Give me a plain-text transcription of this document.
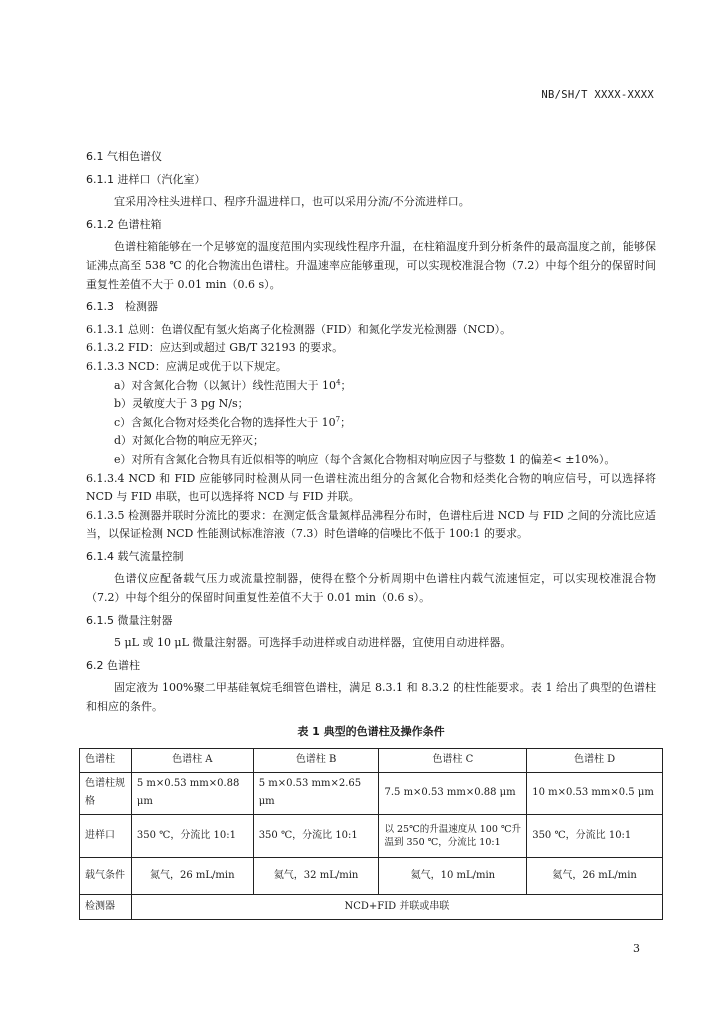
NB/SH/T XXXX-XXXX

6.1 气相色谱仪

6.1.1 进样口（汽化室）

宜采用冷柱头进样口、程序升温进样口，也可以采用分流/不分流进样口。

6.1.2 色谱柱箱

色谱柱箱能够在一个足够宽的温度范围内实现线性程序升温，在柱箱温度升到分析条件的最高温度之前，能够保证沸点高至 538 ℃ 的化合物流出色谱柱。升温速率应能够重现，可以实现校准混合物（7.2）中每个组分的保留时间重复性差值不大于 0.01 min（0.6 s）。

6.1.3　检测器

6.1.3.1 总则：色谱仪配有氢火焰离子化检测器（FID）和氮化学发光检测器（NCD）。

6.1.3.2 FID：应达到或超过 GB/T 32193 的要求。

6.1.3.3 NCD：应满足或优于以下规定。

a）对含氮化合物（以氮计）线性范围大于 $10^4$；

b）灵敏度大于 3 pg N/s；

c）含氮化合物对烃类化合物的选择性大于 $10^7$；

d）对氮化合物的响应无猝灭；

e）对所有含氮化合物具有近似相等的响应（每个含氮化合物相对响应因子与整数 1 的偏差< ±10%）。

6.1.3.4 NCD 和 FID 应能够同时检测从同一色谱柱流出组分的含氮化合物和烃类化合物的响应信号，可以选择将 NCD 与 FID 串联，也可以选择将 NCD 与 FID 并联。

6.1.3.5 检测器并联时分流比的要求：在测定低含量氮样品沸程分布时，色谱柱后进 NCD 与 FID 之间的分流比应适当，以保证检测 NCD 性能测试标准溶液（7.3）时色谱峰的信噪比不低于 100:1 的要求。

6.1.4 载气流量控制

色谱仪应配备载气压力或流量控制器，使得在整个分析周期中色谱柱内载气流速恒定，可以实现校准混合物（7.2）中每个组分的保留时间重复性差值不大于 0.01 min（0.6 s）。

6.1.5 微量注射器

5 μL 或 10 μL 微量注射器。可选择手动进样或自动进样器，宜使用自动进样器。

6.2 色谱柱

固定液为 100%聚二甲基硅氧烷毛细管色谱柱，满足 8.3.1 和 8.3.2 的柱性能要求。表 1 给出了典型的色谱柱和相应的条件。

表 1 典型的色谱柱及操作条件
色谱柱	色谱柱 A	色谱柱 B	色谱柱 C	色谱柱 D
色谱柱规格	5 m×0.53 mm×0.88 μm	5 m×0.53 mm×2.65 μm	7.5 m×0.53 mm×0.88 μm	10 m×0.53 mm×0.5 μm
进样口	350 ℃，分流比 10:1	350 ℃，分流比 10:1	以 25℃的升温速度从 100 ℃升温到 350 ℃，分流比 10:1	350 ℃，分流比 10:1
载气条件	氮气，26 mL/min	氦气，32 mL/min	氦气，10 mL/min	氦气，26 mL/min
检测器	NCD+FID 并联或串联			
3
